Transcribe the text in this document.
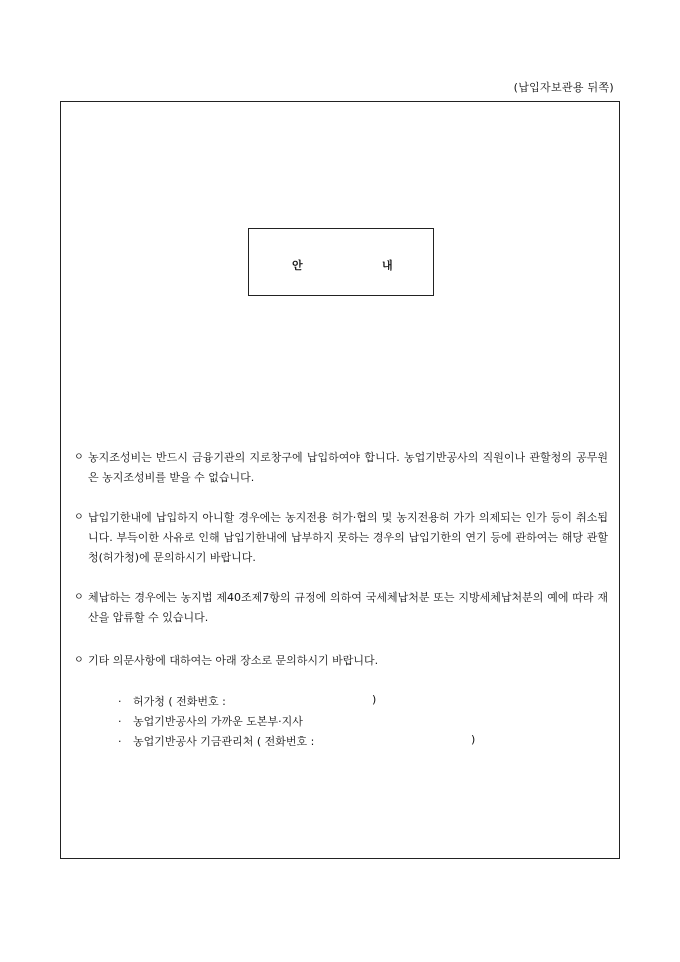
(납입자보관용 뒤쪽)
안	내
ㅇ 농지조성비는 반드시 금융기관의 지로창구에 납입하여야 합니다. 농업기반공사의 직원이나 관할청의 공무원은 농지조성비를 받을 수 없습니다.
ㅇ 납입기한내에 납입하지 아니할 경우에는 농지전용 허가·협의 및 농지전용허 가가 의제되는 인가 등이 취소됩니다. 부득이한 사유로 인해 납입기한내에 납부하지 못하는 경우의 납입기한의 연기 등에 관하여는 해당 관할청(허가청)에 문의하시기 바랍니다.
ㅇ 체납하는 경우에는 농지법 제40조제7항의 규정에 의하여 국세체납처분 또는 지방세체납처분의 예에 따라 재산을 압류할 수 있습니다.
ㅇ 기타 의문사항에 대하여는 아래 장소로 문의하시기 바랍니다.
· 허가청 ( 전화번호 :	)
· 농업기반공사의 가까운 도본부·지사
· 농업기반공사 기금관리처 ( 전화번호 :	)
